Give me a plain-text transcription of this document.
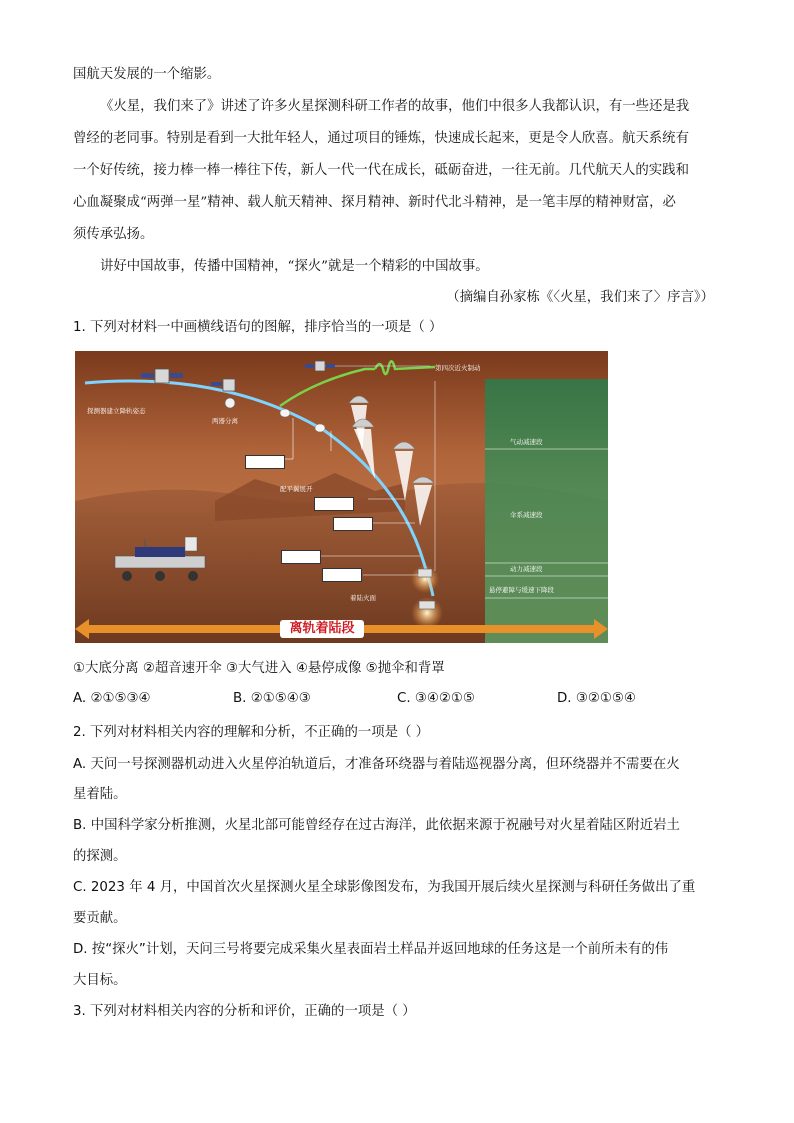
国航天发展的一个缩影。
《火星，我们来了》讲述了许多火星探测科研工作者的故事，他们中很多人我都认识，有一些还是我
曾经的老同事。特别是看到一大批年轻人，通过项目的锤炼，快速成长起来，更是令人欣喜。航天系统有
一个好传统，接力棒一棒一棒往下传，新人一代一代在成长，砥砺奋进，一往无前。几代航天人的实践和
心血凝聚成“两弹一星”精神、载人航天精神、探月精神、新时代北斗精神，是一笔丰厚的精神财富，必
须传承弘扬。
讲好中国故事，传播中国精神，“探火”就是一个精彩的中国故事。
（摘编自孙家栋《〈火星，我们来了〉序言》）
1. 下列对材料一中画横线语句的图解，排序恰当的一项是（ ）
探测器建立降轨姿态
两器分离
第四次近火制动
配平翼展开
气动减速段
伞系减速段
动力减速段
悬停避障与缓速下降段
着陆火面
离轨着陆段
①大底分离 ②超音速开伞 ③大气进入 ④悬停成像 ⑤抛伞和背罩
A. ②①⑤③④	B. ②①⑤④③	C. ③④②①⑤	D. ③②①⑤④
2. 下列对材料相关内容的理解和分析，不正确的一项是（ ）
A. 天问一号探测器机动进入火星停泊轨道后，才准备环绕器与着陆巡视器分离，但环绕器并不需要在火
星着陆。
B. 中国科学家分析推测，火星北部可能曾经存在过古海洋，此依据来源于祝融号对火星着陆区附近岩土
的探测。
C. 2023 年 4 月，中国首次火星探测火星全球影像图发布，为我国开展后续火星探测与科研任务做出了重
要贡献。
D. 按“探火”计划，天问三号将要完成采集火星表面岩土样品并返回地球的任务这是一个前所未有的伟
大目标。
3. 下列对材料相关内容的分析和评价，正确的一项是（ ）
